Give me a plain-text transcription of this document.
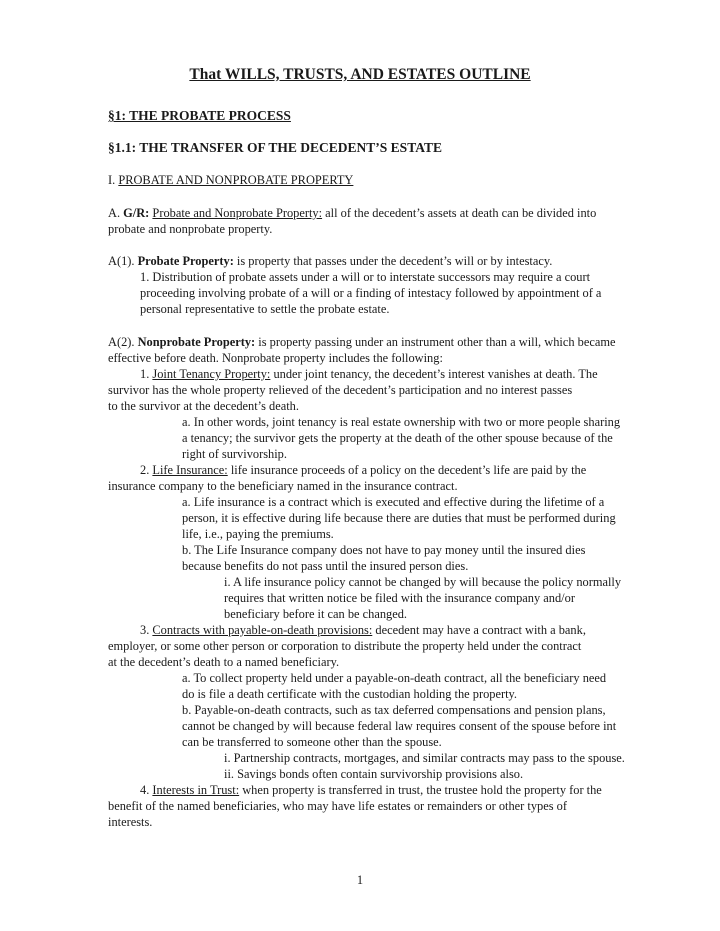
That WILLS, TRUSTS, AND ESTATES OUTLINE
§1: THE PROBATE PROCESS
§1.1: THE TRANSFER OF THE DECEDENT’S ESTATE
I. PROBATE AND NONPROBATE PROPERTY
A. G/R: Probate and Nonprobate Property: all of the decedent’s assets at death can be divided into
probate and nonprobate property.
A(1). Probate Property: is property that passes under the decedent’s will or by intestacy.
1. Distribution of probate assets under a will or to interstate successors may require a court
proceeding involving probate of a will or a finding of intestacy followed by appointment of a
personal representative to settle the probate estate.
A(2). Nonprobate Property: is property passing under an instrument other than a will, which became
effective before death. Nonprobate property includes the following:
1. Joint Tenancy Property: under joint tenancy, the decedent’s interest vanishes at death. The
survivor has the whole property relieved of the decedent’s participation and no interest passes
to the survivor at the decedent’s death.
a. In other words, joint tenancy is real estate ownership with two or more people sharing
a tenancy; the survivor gets the property at the death of the other spouse because of the
right of survivorship.
2. Life Insurance: life insurance proceeds of a policy on the decedent’s life are paid by the
insurance company to the beneficiary named in the insurance contract.
a. Life insurance is a contract which is executed and effective during the lifetime of a
person, it is effective during life because there are duties that must be performed during
life, i.e., paying the premiums.
b. The Life Insurance company does not have to pay money until the insured dies
because benefits do not pass until the insured person dies.
i. A life insurance policy cannot be changed by will because the policy normally
requires that written notice be filed with the insurance company and/or
beneficiary before it can be changed.
3. Contracts with payable-on-death provisions: decedent may have a contract with a bank,
employer, or some other person or corporation to distribute the property held under the contract
at the decedent’s death to a named beneficiary.
a. To collect property held under a payable-on-death contract, all the beneficiary need
do is file a death certificate with the custodian holding the property.
b. Payable-on-death contracts, such as tax deferred compensations and pension plans,
cannot be changed by will because federal law requires consent of the spouse before int
can be transferred to someone other than the spouse.
i. Partnership contracts, mortgages, and similar contracts may pass to the spouse.
ii. Savings bonds often contain survivorship provisions also.
4. Interests in Trust: when property is transferred in trust, the trustee hold the property for the
benefit of the named beneficiaries, who may have life estates or remainders or other types of
interests.
1
